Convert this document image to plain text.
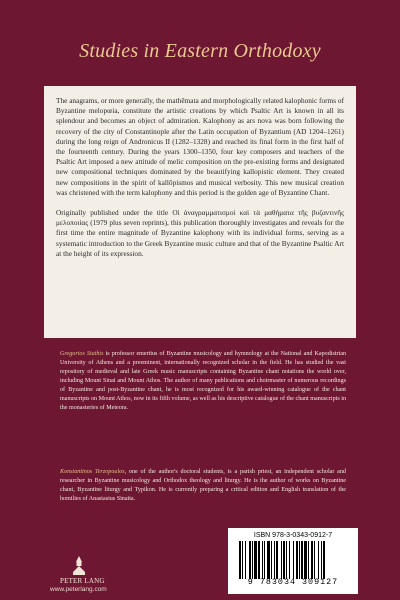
Studies in Eastern Orthodoxy

The anagrams, or more generally, the mathēmata and morphologically related kalophonic forms of Byzantine melopœia, constitute the artistic creations by which Psaltic Art is known in all its splendour and becomes an object of admiration. Kalophony as ars nova was born following the recovery of the city of Constantinople after the Latin occupation of Byzantium (AD 1204–1261) during the long reign of Andronicus II (1282–1328) and reached its final form in the first half of the fourteenth century. During the years 1300–1350, four key composers and teachers of the Psaltic Art imposed a new attitude of melic composition on the pre-existing forms and designated new compositional techniques dominated by the beautifying kallopistic element. They created new compositions in the spirit of kallōpismos and musical verbosity. This new musical creation was christened with the term kalophony and this period is the golden age of Byzantine Chant.

Originally published under the title Οἱ ἀναγραμματισμοὶ καὶ τὰ μαθήματα τῆς βυζαντινῆς μελοποιίας (1979 plus seven reprints), this publication thoroughly investigates and reveals for the first time the entire magnitude of Byzantine kalophony with its individual forms, serving as a systematic introduction to the Greek Byzantine music culture and that of the Byzantine Psaltic Art at the height of its expression.

Gregorios Stathis is professor emeritus of Byzantine musicology and hymnology at the National and Kapodistrian University of Athens and a preeminent, internationally recognized scholar in the field. He has studied the vast repository of medieval and late Greek music manuscripts containing Byzantine chant notations the world over, including Mount Sinai and Mount Athos. The author of many publications and choirmaster of numerous recordings of Byzantine and post-Byzantine chant, he is most recognized for his award-winning catalogue of the chant manuscripts on Mount Athos, now in its fifth volume, as well as his descriptive catalogue of the chant manuscripts in the monasteries of Meteora.
Konstantinos Terzopoulos, one of the author's doctoral students, is a parish priest, an independent scholar and researcher in Byzantine musicology and Orthodox theology and liturgy. He is the author of works on Byzantine chant, Byzantine liturgy and Typikon. He is currently preparing a critical edition and English translation of the homilies of Anastasius Sinaita.
PETER LANG
www.peterlang.com
ISBN 978-3-0343-0912-7
9 783034 309127
